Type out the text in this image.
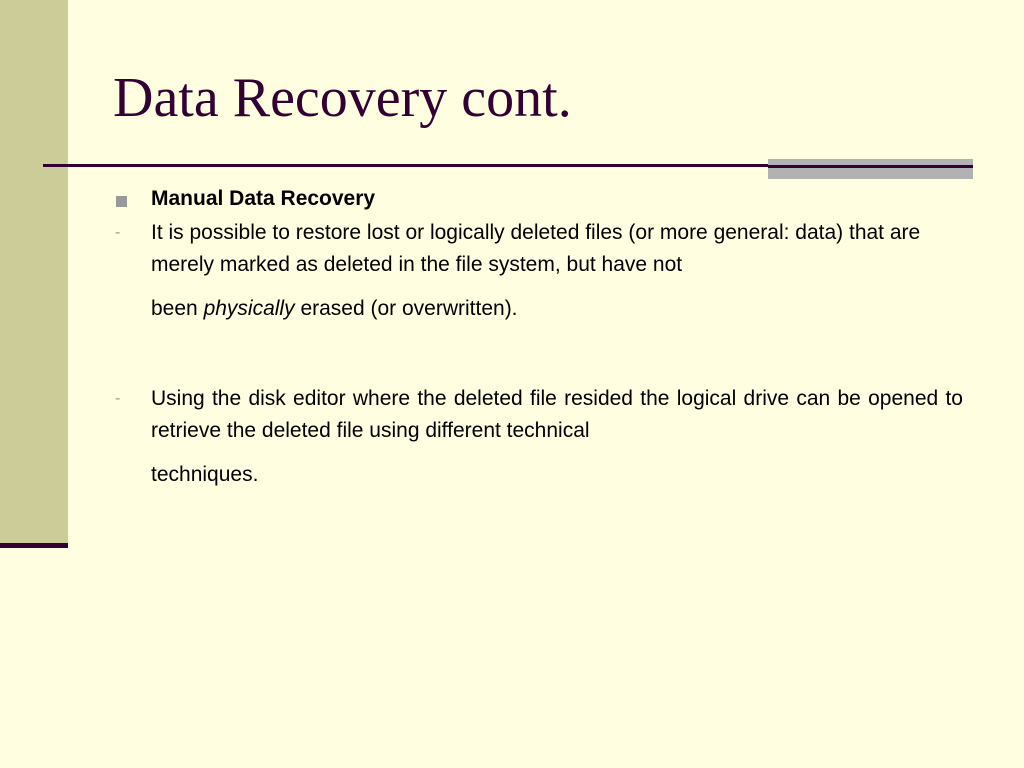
Data Recovery cont.
Manual Data Recovery
- It is possible to restore lost or logically deleted files (or more general: data) that are merely marked as deleted in the file system, but have not
been physically erased (or overwritten).
- Using the disk editor where the deleted file resided the logical drive can be opened to retrieve the deleted file using different technical
techniques.
